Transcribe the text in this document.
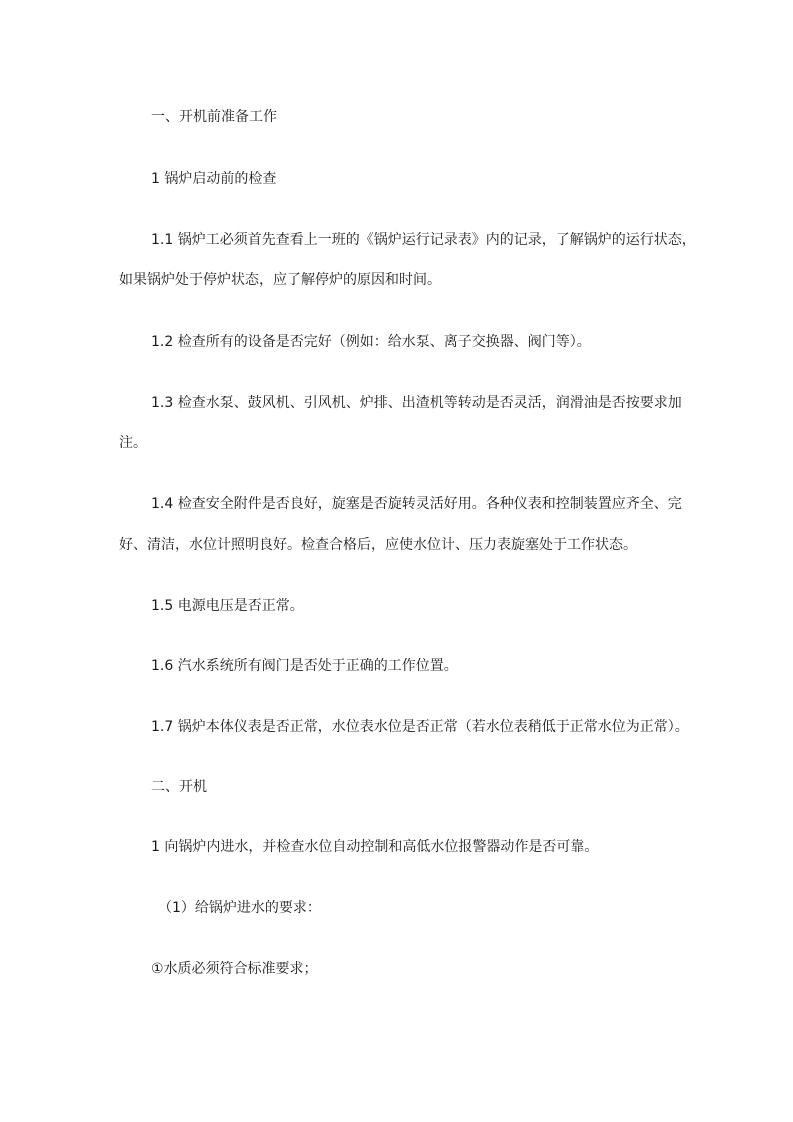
一、开机前准备工作
1 锅炉启动前的检查
1.1 锅炉工必须首先查看上一班的《锅炉运行记录表》内的记录，了解锅炉的运行状态，
如果锅炉处于停炉状态，应了解停炉的原因和时间。
1.2 检查所有的设备是否完好（例如：给水泵、离子交换器、阀门等）。
1.3 检查水泵、鼓风机、引风机、炉排、出渣机等转动是否灵活，润滑油是否按要求加
注。
1.4 检查安全附件是否良好，旋塞是否旋转灵活好用。各种仪表和控制装置应齐全、完
好、清洁，水位计照明良好。检查合格后，应使水位计、压力表旋塞处于工作状态。
1.5 电源电压是否正常。
1.6 汽水系统所有阀门是否处于正确的工作位置。
1.7 锅炉本体仪表是否正常，水位表水位是否正常（若水位表稍低于正常水位为正常）。
二、开机
1 向锅炉内进水，并检查水位自动控制和高低水位报警器动作是否可靠。
（1）给锅炉进水的要求：
①水质必须符合标准要求；
